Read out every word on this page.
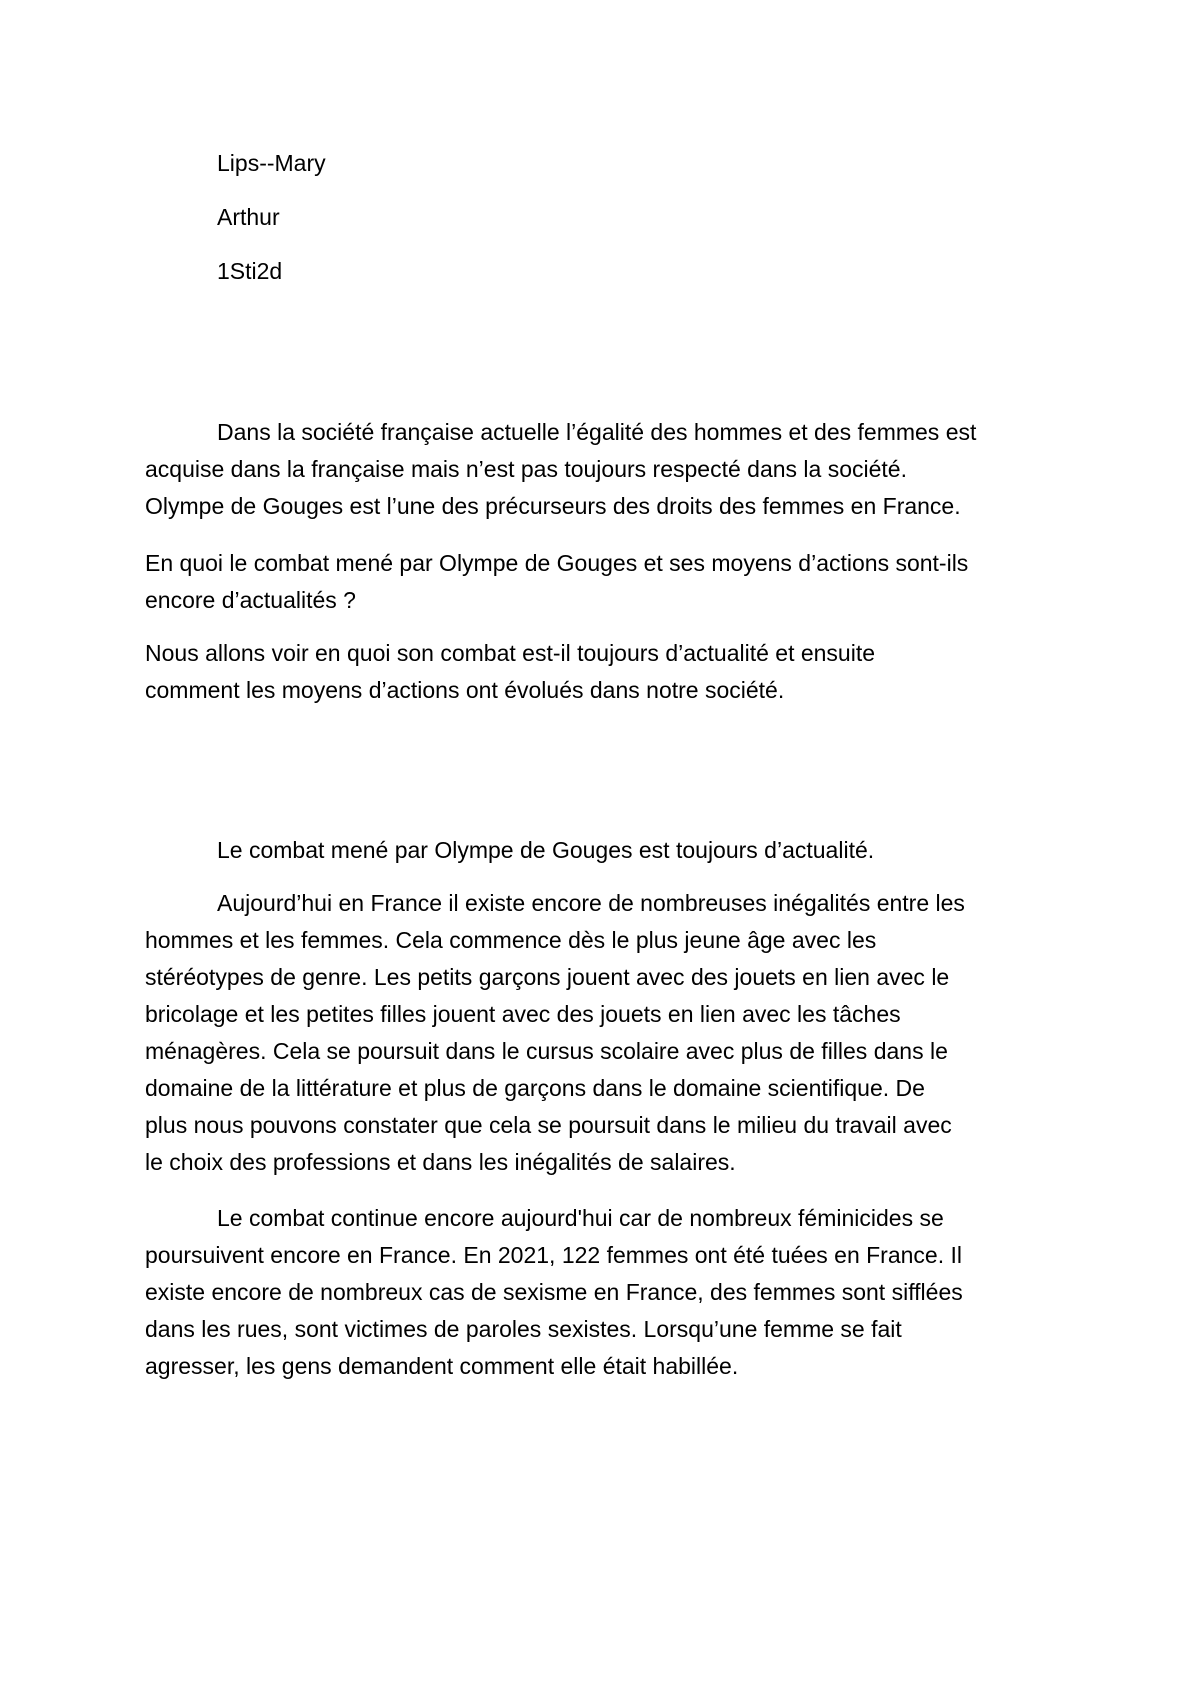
Lips--Mary
Arthur
1Sti2d

Dans la société française actuelle l’égalité des hommes et des femmes est
acquise dans la française mais n’est pas toujours respecté dans la société.
Olympe de Gouges est l’une des précurseurs des droits des femmes en France.

En quoi le combat mené par Olympe de Gouges et ses moyens d’actions sont-ils
encore d’actualités ?

Nous allons voir en quoi son combat est-il toujours d’actualité et ensuite
comment les moyens d’actions ont évolués dans notre société.

Le combat mené par Olympe de Gouges est toujours d’actualité.

Aujourd’hui en France il existe encore de nombreuses inégalités entre les
hommes et les femmes. Cela commence dès le plus jeune âge avec les
stéréotypes de genre. Les petits garçons jouent avec des jouets en lien avec le
bricolage et les petites filles jouent avec des jouets en lien avec les tâches
ménagères. Cela se poursuit dans le cursus scolaire avec plus de filles dans le
domaine de la littérature et plus de garçons dans le domaine scientifique. De
plus nous pouvons constater que cela se poursuit dans le milieu du travail avec
le choix des professions et dans les inégalités de salaires.

Le combat continue encore aujourd'hui car de nombreux féminicides se
poursuivent encore en France. En 2021, 122 femmes ont été tuées en France. Il
existe encore de nombreux cas de sexisme en France, des femmes sont sifflées
dans les rues, sont victimes de paroles sexistes. Lorsqu’une femme se fait
agresser, les gens demandent comment elle était habillée.
